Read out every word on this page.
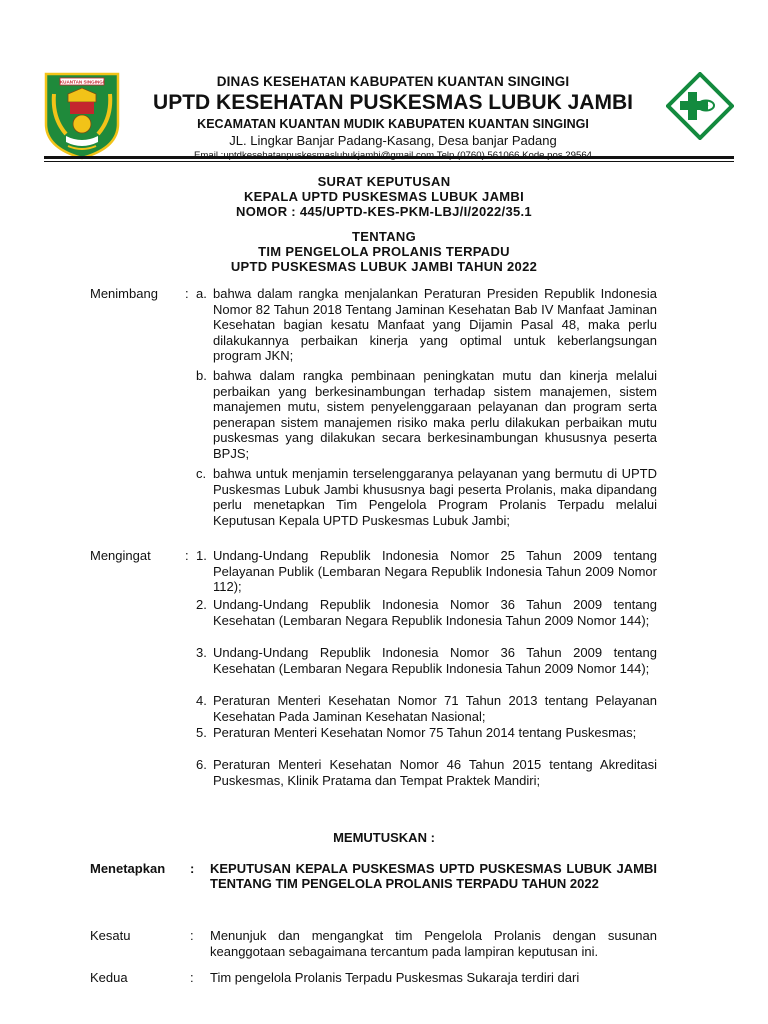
KUANTAN SINGINGI	DINAS KESEHATAN KABUPATEN KUANTAN SINGINGI
UPTD KESEHATAN PUSKESMAS LUBUK JAMBI
KECAMATAN KUANTAN MUDIK KABUPATEN KUANTAN SINGINGI
JL. Lingkar Banjar Padang-Kasang, Desa banjar Padang
SURAT KEPUTUSAN
KEPALA UPTD PUSKESMAS LUBUK JAMBI
NOMOR : 445/UPTD-KES-PKM-LBJ/I/2022/35.1
TENTANG
TIM PENGELOLA PROLANIS TERPADU
UPTD PUSKESMAS LUBUK JAMBI TAHUN 2022
Menimbang : a. bahwa dalam rangka menjalankan Peraturan Presiden Republik Indonesia Nomor 82 Tahun 2018 Tentang Jaminan Kesehatan Bab IV Manfaat Jaminan Kesehatan bagian kesatu Manfaat yang Dijamin Pasal 48, maka perlu dilakukannya perbaikan kinerja yang optimal untuk keberlangsungan program JKN;
b. bahwa dalam rangka pembinaan peningkatan mutu dan kinerja melalui perbaikan yang berkesinambungan terhadap sistem manajemen, sistem manajemen mutu, sistem penyelenggaraan pelayanan dan program serta penerapan sistem manajemen risiko maka perlu dilakukan perbaikan mutu puskesmas yang dilakukan secara berkesinambungan khususnya peserta BPJS;
c. bahwa untuk menjamin terselenggaranya pelayanan yang bermutu di UPTD Puskesmas Lubuk Jambi khususnya bagi peserta Prolanis, maka dipandang perlu menetapkan Tim Pengelola Program Prolanis Terpadu melalui Keputusan Kepala UPTD Puskesmas Lubuk Jambi;
Mengingat	: 1. Undang-Undang Republik Indonesia Nomor 25 Tahun 2009 tentang Pelayanan Publik (Lembaran Negara Republik Indonesia Tahun 2009 Nomor 112);
2. Undang-Undang Republik Indonesia Nomor 36 Tahun 2009 tentang Kesehatan (Lembaran Negara Republik Indonesia Tahun 2009 Nomor 144);
3. Undang-Undang Republik Indonesia Nomor 36 Tahun 2009 tentang Kesehatan (Lembaran Negara Republik Indonesia Tahun 2009 Nomor 144);
4. Peraturan Menteri Kesehatan Nomor 71 Tahun 2013 tentang Pelayanan Kesehatan Pada Jaminan Kesehatan Nasional;
5. Peraturan Menteri Kesehatan Nomor 75 Tahun 2014 tentang Puskesmas;
6. Peraturan Menteri Kesehatan Nomor 46 Tahun 2015 tentang Akreditasi Puskesmas, Klinik Pratama dan Tempat Praktek Mandiri;
MEMUTUSKAN :
Menetapkan : KEPUTUSAN KEPALA PUSKESMAS UPTD PUSKESMAS LUBUK JAMBI TENTANG TIM PENGELOLA PROLANIS TERPADU TAHUN 2022
Kesatu	: Menunjuk dan mengangkat tim Pengelola Prolanis dengan susunan keanggotaan sebagaimana tercantum pada lampiran keputusan ini.
Kedua	: Tim pengelola Prolanis Terpadu Puskesmas Sukaraja terdiri dari
